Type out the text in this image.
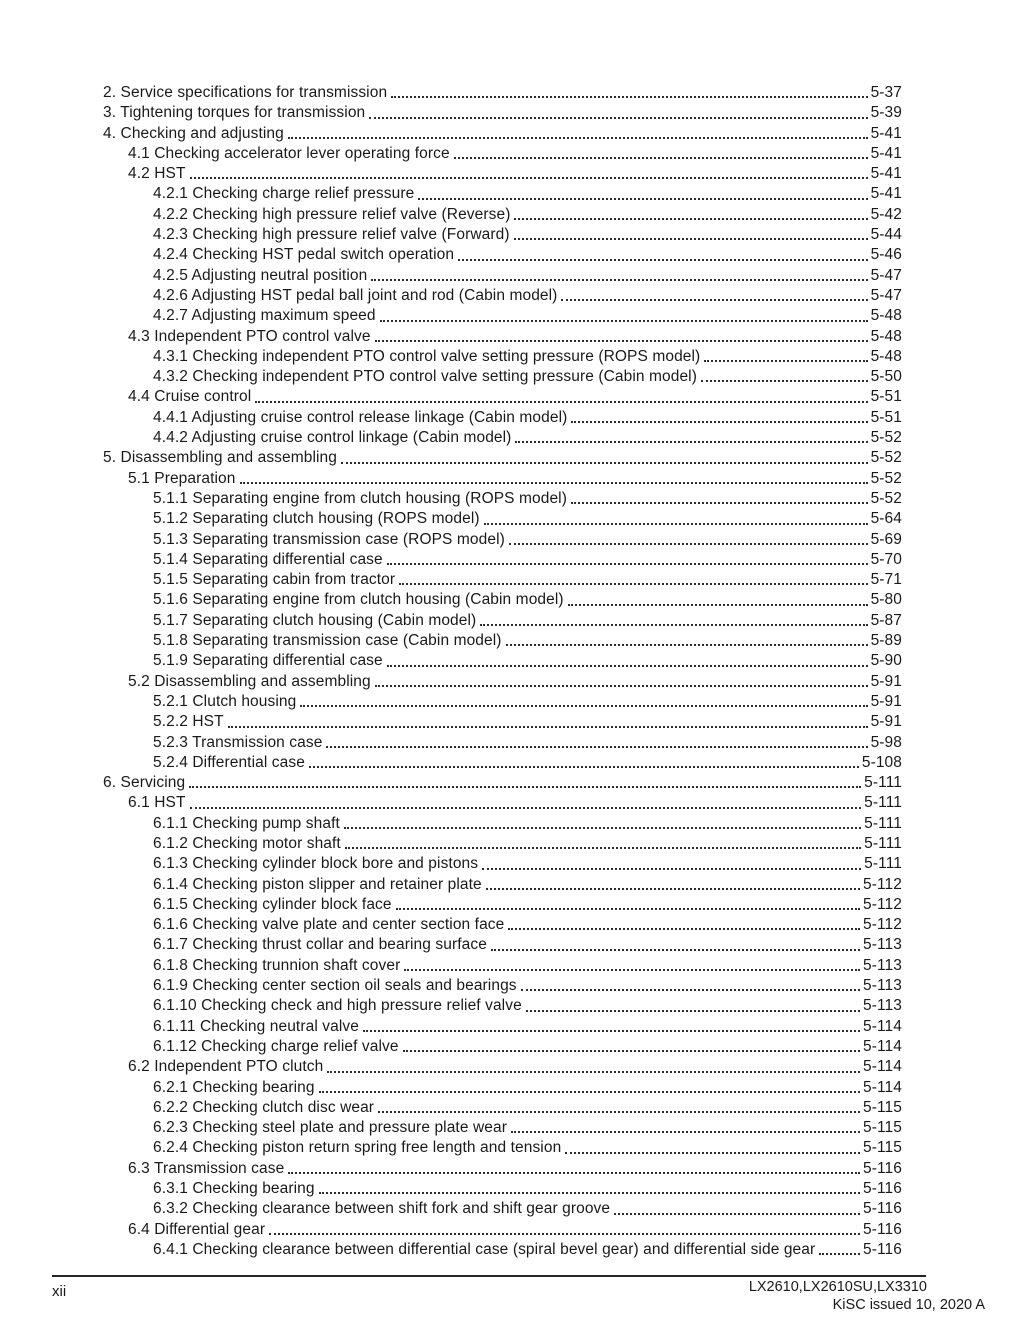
2. Service specifications for transmission	5-37
3. Tightening torques for transmission	5-39
4. Checking and adjusting	5-41
4.1 Checking accelerator lever operating force	5-41
4.2 HST	5-41
4.2.1 Checking charge relief pressure	5-41
4.2.2 Checking high pressure relief valve (Reverse)	5-42
4.2.3 Checking high pressure relief valve (Forward)	5-44
4.2.4 Checking HST pedal switch operation	5-46
4.2.5 Adjusting neutral position	5-47
4.2.6 Adjusting HST pedal ball joint and rod (Cabin model)	5-47
4.2.7 Adjusting maximum speed	5-48
4.3 Independent PTO control valve	5-48
4.3.1 Checking independent PTO control valve setting pressure (ROPS model)	5-48
4.3.2 Checking independent PTO control valve setting pressure (Cabin model)	5-50
4.4 Cruise control	5-51
4.4.1 Adjusting cruise control release linkage (Cabin model)	5-51
4.4.2 Adjusting cruise control linkage (Cabin model)	5-52
5. Disassembling and assembling	5-52
5.1 Preparation	5-52
5.1.1 Separating engine from clutch housing (ROPS model)	5-52
5.1.2 Separating clutch housing (ROPS model)	5-64
5.1.3 Separating transmission case (ROPS model)	5-69
5.1.4 Separating differential case	5-70
5.1.5 Separating cabin from tractor	5-71
5.1.6 Separating engine from clutch housing (Cabin model)	5-80
5.1.7 Separating clutch housing (Cabin model)	5-87
5.1.8 Separating transmission case (Cabin model)	5-89
5.1.9 Separating differential case	5-90
5.2 Disassembling and assembling	5-91
5.2.1 Clutch housing	5-91
5.2.2 HST	5-91
5.2.3 Transmission case	5-98
5.2.4 Differential case	5-108
6. Servicing	5-111
6.1 HST	5-111
6.1.1 Checking pump shaft	5-111
6.1.2 Checking motor shaft	5-111
6.1.3 Checking cylinder block bore and pistons	5-111
6.1.4 Checking piston slipper and retainer plate	5-112
6.1.5 Checking cylinder block face	5-112
6.1.6 Checking valve plate and center section face	5-112
6.1.7 Checking thrust collar and bearing surface	5-113
6.1.8 Checking trunnion shaft cover	5-113
6.1.9 Checking center section oil seals and bearings	5-113
6.1.10 Checking check and high pressure relief valve	5-113
6.1.11 Checking neutral valve	5-114
6.1.12 Checking charge relief valve	5-114
6.2 Independent PTO clutch	5-114
6.2.1 Checking bearing	5-114
6.2.2 Checking clutch disc wear	5-115
6.2.3 Checking steel plate and pressure plate wear	5-115
6.2.4 Checking piston return spring free length and tension	5-115
6.3 Transmission case	5-116
6.3.1 Checking bearing	5-116
6.3.2 Checking clearance between shift fork and shift gear groove	5-116
6.4 Differential gear	5-116
6.4.1 Checking clearance between differential case (spiral bevel gear) and differential side gear	5-116
xii	LX2610,LX2610SU,LX3310
KiSC issued 10, 2020 A
